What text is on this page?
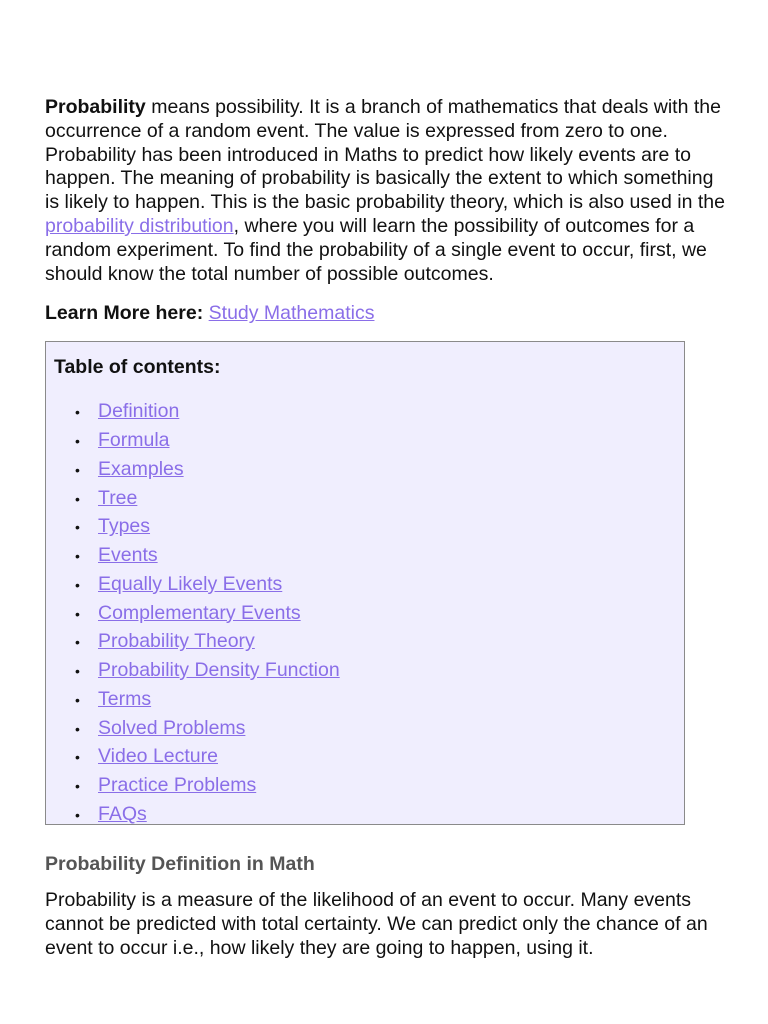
Probability means possibility. It is a branch of mathematics that deals with the occurrence of a random event. The value is expressed from zero to one. Probability has been introduced in Maths to predict how likely events are to happen. The meaning of probability is basically the extent to which something is likely to happen. This is the basic probability theory, which is also used in the probability distribution, where you will learn the possibility of outcomes for a random experiment. To find the probability of a single event to occur, first, we should know the total number of possible outcomes.

Learn More here: Study Mathematics

Table of contents:

• Definition
• Formula
• Examples
• Tree
• Types
• Events
• Equally Likely Events
• Complementary Events
• Probability Theory
• Probability Density Function
• Terms
• Solved Problems
• Video Lecture
• Practice Problems
• FAQs
Probability Definition in Math

Probability is a measure of the likelihood of an event to occur. Many events cannot be predicted with total certainty. We can predict only the chance of an event to occur i.e., how likely they are going to happen, using it.
